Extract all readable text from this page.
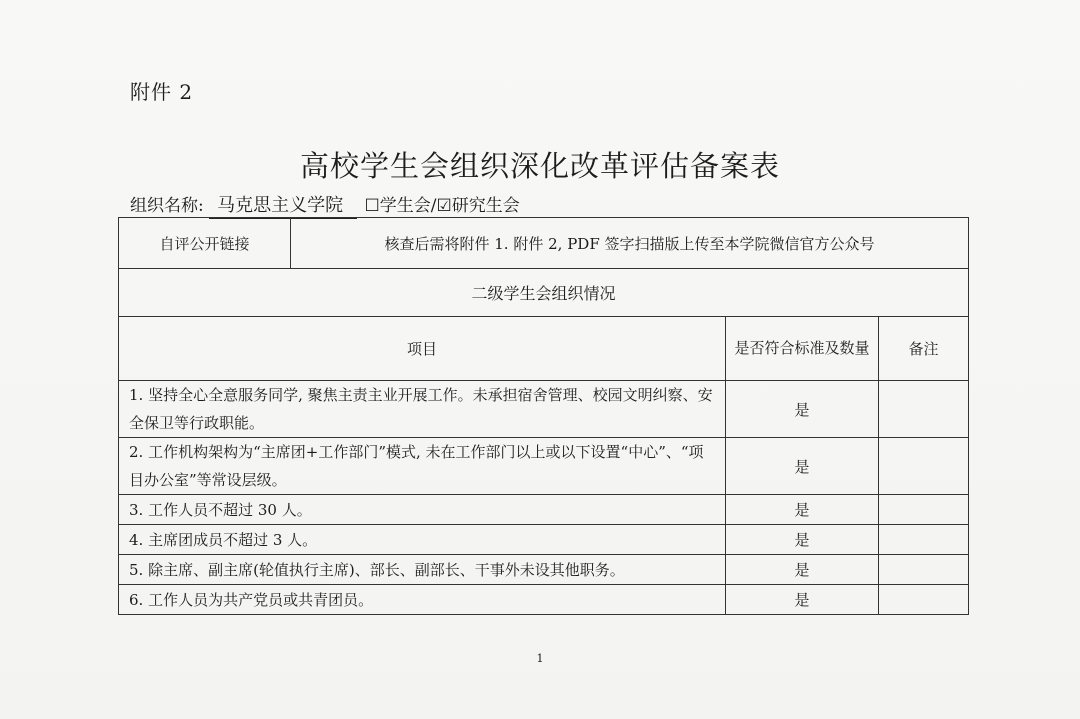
附件 2
高校学生会组织深化改革评估备案表
组织名称: 马克思主义学院 ☐学生会/☑研究生会
自评公开链接	核查后需将附件 1. 附件 2, PDF 签字扫描版上传至本学院微信官方公众号		
二级学生会组织情况			
项目		是否符合标准及数量	备注
1. 坚持全心全意服务同学, 聚焦主责主业开展工作。未承担宿舍管理、校园文明纠察、安全保卫等行政职能。		是	
2. 工作机构架构为“主席团+工作部门”模式, 未在工作部门以上或以下设置“中心”、“项目办公室”等常设层级。		是	
3. 工作人员不超过 30 人。		是	
4. 主席团成员不超过 3 人。		是	
5. 除主席、副主席(轮值执行主席)、部长、副部长、干事外未设其他职务。		是	
6. 工作人员为共产党员或共青团员。		是	
1
